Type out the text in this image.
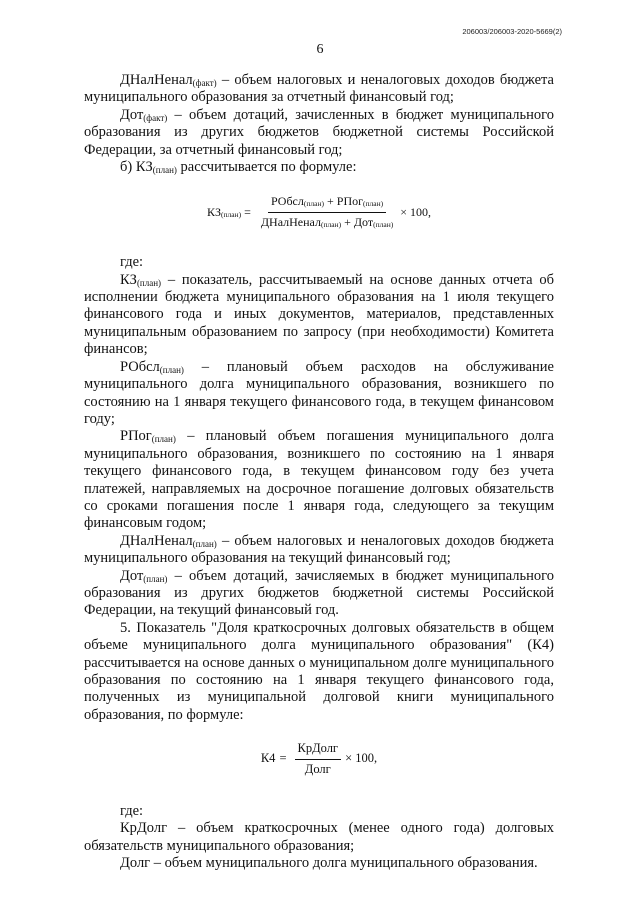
206003/206003-2020-5669(2)
6

ДНалНенал$_{(факт)}$ – объем налоговых и неналоговых доходов бюджета муниципального образования за отчетный финансовый год;

Дот$_{(факт)}$ – объем дотаций, зачисленных в бюджет муниципального образования из других бюджетов бюджетной системы Российской Федерации, за отчетный финансовый год;

б) $КЗ_{(план)}$ рассчитывается по формуле:

$КЗ_{(план)} = \frac{РОбсл_{(план)} + РПог_{(план)}}{ДНалНенал_{(план)} + Дот_{(план)}} \times 100$,

где:

$КЗ_{(план)}$ – показатель, рассчитываемый на основе данных отчета об исполнении бюджета муниципального образования на 1 июля текущего финансового года и иных документов, материалов, представленных муниципальным образованием по запросу (при необходимости) Комитета финансов;

РОбсл$_{(план)}$ – плановый объем расходов на обслуживание муниципального долга муниципального образования, возникшего по состоянию на 1 января текущего финансового года, в текущем финансовом году;

РПог$_{(план)}$ – плановый объем погашения муниципального долга муниципального образования, возникшего по состоянию на 1 января текущего финансового года, в текущем финансовом году без учета платежей, направляемых на досрочное погашение долговых обязательств со сроками погашения после 1 января года, следующего за текущим финансовым годом;

ДНалНенал$_{(план)}$ – объем налоговых и неналоговых доходов бюджета муниципального образования на текущий финансовый год;

Дот$_{(план)}$ – объем дотаций, зачисляемых в бюджет муниципального образования из других бюджетов бюджетной системы Российской Федерации, на текущий финансовый год.

5. Показатель "Доля краткосрочных долговых обязательств в общем объеме муниципального долга муниципального образования" (К4) рассчитывается на основе данных о муниципальном долге муниципального образования по состоянию на 1 января текущего финансового года, полученных из муниципальной долговой книги муниципального образования, по формуле:

$К4 = \frac{\text{КрДолг}}{\text{Долг}} \times 100$,

где:

КрДолг – объем краткосрочных (менее одного года) долговых обязательств муниципального образования;

Долг – объем муниципального долга муниципального образования.
